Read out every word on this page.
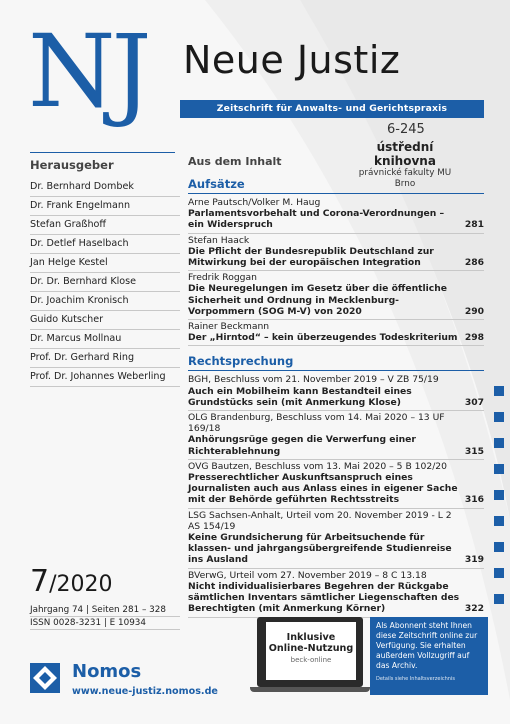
NJ Neue Justiz
Zeitschrift für Anwalts- und Gerichtspraxis
6-245
ústřední knihovna
právnické fakulty MU
Brno
Herausgeber
Dr. Bernhard Dombek
Dr. Frank Engelmann
Stefan Graßhoff
Dr. Detlef Haselbach
Jan Helge Kestel
Dr. Dr. Bernhard Klose
Dr. Joachim Kronisch
Guido Kutscher
Dr. Marcus Mollnau
Prof. Dr. Gerhard Ring
Prof. Dr. Johannes Weberling
Aus dem Inhalt
Aufsätze
Arne Pautsch/Volker M. Haug
Parlamentsvorbehalt und Corona-Verordnungen – ein Widerspruch	281
Stefan Haack
Die Pflicht der Bundesrepublik Deutschland zur Mitwirkung bei der europäischen Integration	286
Fredrik Roggan
Die Neuregelungen im Gesetz über die öffentliche Sicherheit und Ordnung in Mecklenburg-Vorpommern (SOG M-V) von 2020	290
Rainer Beckmann
Der „Hirntod“ – kein überzeugendes Todeskriterium 298
Rechtsprechung
BGH, Beschluss vom 21. November 2019 – V ZB 75/19
Auch ein Mobilheim kann Bestandteil eines Grundstücks sein (mit Anmerkung Klose)	307
OLG Brandenburg, Beschluss vom 14. Mai 2020 – 13 UF 169/18
Anhörungsrüge gegen die Verwerfung einer Richterablehnung	315
OVG Bautzen, Beschluss vom 13. Mai 2020 – 5 B 102/20
Presserechtlicher Auskunftsanspruch eines Journalisten auch aus Anlass eines in eigener Sache mit der Behörde geführten Rechtsstreits	316
LSG Sachsen-Anhalt, Urteil vom 20. November 2019 - L 2 AS 154/19
Keine Grundsicherung für Arbeitsuchende für klassen- und jahrgangsübergreifende Studienreise ins Ausland	319
BVerwG, Urteil vom 27. November 2019 – 8 C 13.18
Nicht individualisierbares Begehren der Rückgabe sämtlichen Inventars sämtlicher Liegenschaften des Berechtigten (mit Anmerkung Körner)	322
7/2020
Jahrgang 74 | Seiten 281 – 328
ISSN 0028-3231 | E 10934
Nomos
www.neue-justiz.nomos.de
Inklusive Online-Nutzung
beck-online
Als Abonnent steht Ihnen diese Zeitschrift online zur Verfügung. Sie erhalten außerdem Vollzugriff auf das Archiv.
Details siehe Inhaltsverzeichnis
